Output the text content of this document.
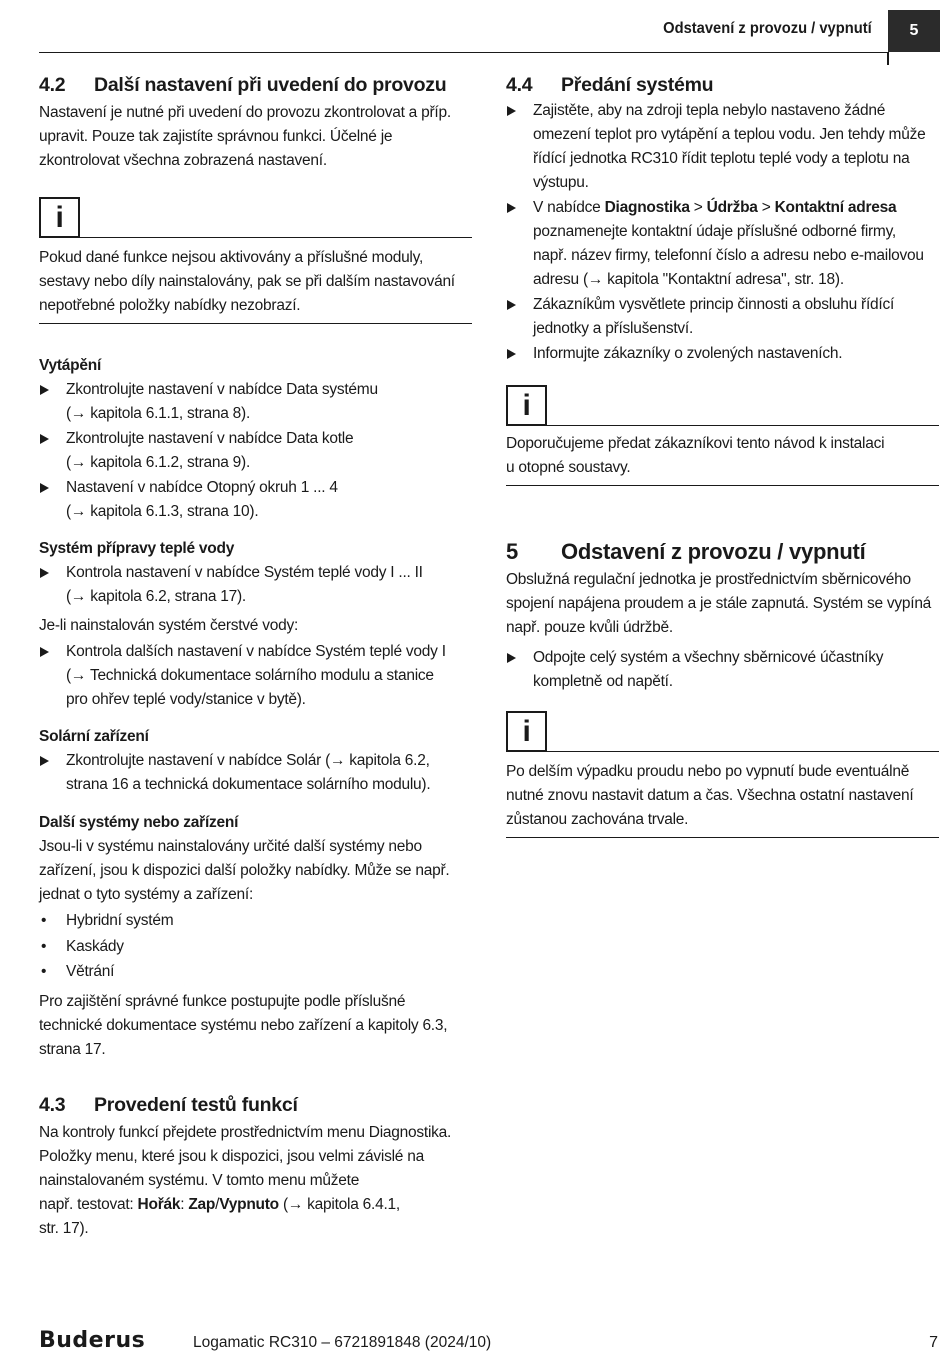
Odstavení z provozu / vypnutí	5
4.2	Další nastavení při uvedení do provozu
Nastavení je nutné při uvedení do provozu zkontrolovat a příp. upravit. Pouze tak zajistíte správnou funkci. Účelné je zkontrolovat všechna zobrazená nastavení.
i
Pokud dané funkce nejsou aktivovány a příslušné moduly, sestavy nebo díly nainstalovány, pak se při dalším nastavování nepotřebné položky nabídky nezobrazí.
Vytápění
Zkontrolujte nastavení v nabídce Data systému
(→ kapitola 6.1.1, strana 8).
Zkontrolujte nastavení v nabídce Data kotle
(→ kapitola 6.1.2, strana 9).
Nastavení v nabídce Otopný okruh 1 ... 4
(→ kapitola 6.1.3, strana 10).
Systém přípravy teplé vody
Kontrola nastavení v nabídce Systém teplé vody I ... II
(→ kapitola 6.2, strana 17).
Je-li nainstalován systém čerstvé vody:
Kontrola dalších nastavení v nabídce Systém teplé vody I
(→ Technická dokumentace solárního modulu a stanice
pro ohřev teplé vody/stanice v bytě).
Solární zařízení
Zkontrolujte nastavení v nabídce Solár (→ kapitola 6.2,
strana 16 a technická dokumentace solárního modulu).
Další systémy nebo zařízení
Jsou-li v systému nainstalovány určité další systémy nebo zařízení, jsou k dispozici další položky nabídky. Může se např. jednat o tyto systémy a zařízení:
• Hybridní systém
• Kaskády
• Větrání
Pro zajištění správné funkce postupujte podle příslušné technické dokumentace systému nebo zařízení a kapitoly 6.3, strana 17.
4.3	Provedení testů funkcí
Na kontroly funkcí přejdete prostřednictvím menu Diagnostika. Položky menu, které jsou k dispozici, jsou velmi závislé na nainstalovaném systému. V tomto menu můžete
např. testovat: Hořák: Zap/Vypnuto (→ kapitola 6.4.1,
str. 17).
4.4	Předání systému
Zajistěte, aby na zdroji tepla nebylo nastaveno žádné
omezení teplot pro vytápění a teplou vodu. Jen tehdy může
řídící jednotka RC310 řídit teplotu teplé vody a teplotu na
výstupu.
V nabídce Diagnostika > Údržba > Kontaktní adresa
poznamenejte kontaktní údaje příslušné odborné firmy,
např. název firmy, telefonní číslo a adresu nebo e-mailovou
adresu (→ kapitola "Kontaktní adresa", str. 18).
Zákazníkům vysvětlete princip činnosti a obsluhu řídící
jednotky a příslušenství.
Informujte zákazníky o zvolených nastaveních.
i
Doporučujeme předat zákazníkovi tento návod k instalaci
u otopné soustavy.
5	Odstavení z provozu / vypnutí
Obslužná regulační jednotka je prostřednictvím sběrnicového
spojení napájena proudem a je stále zapnutá. Systém se vypíná
např. pouze kvůli údržbě.
Odpojte celý systém a všechny sběrnicové účastníky
kompletně od napětí.
i
Po delším výpadku proudu nebo po vypnutí bude eventuálně
nutné znovu nastavit datum a čas. Všechna ostatní nastavení
zůstanou zachována trvale.
Buderus	Logamatic RC310 – 6721891848 (2024/10)	7
